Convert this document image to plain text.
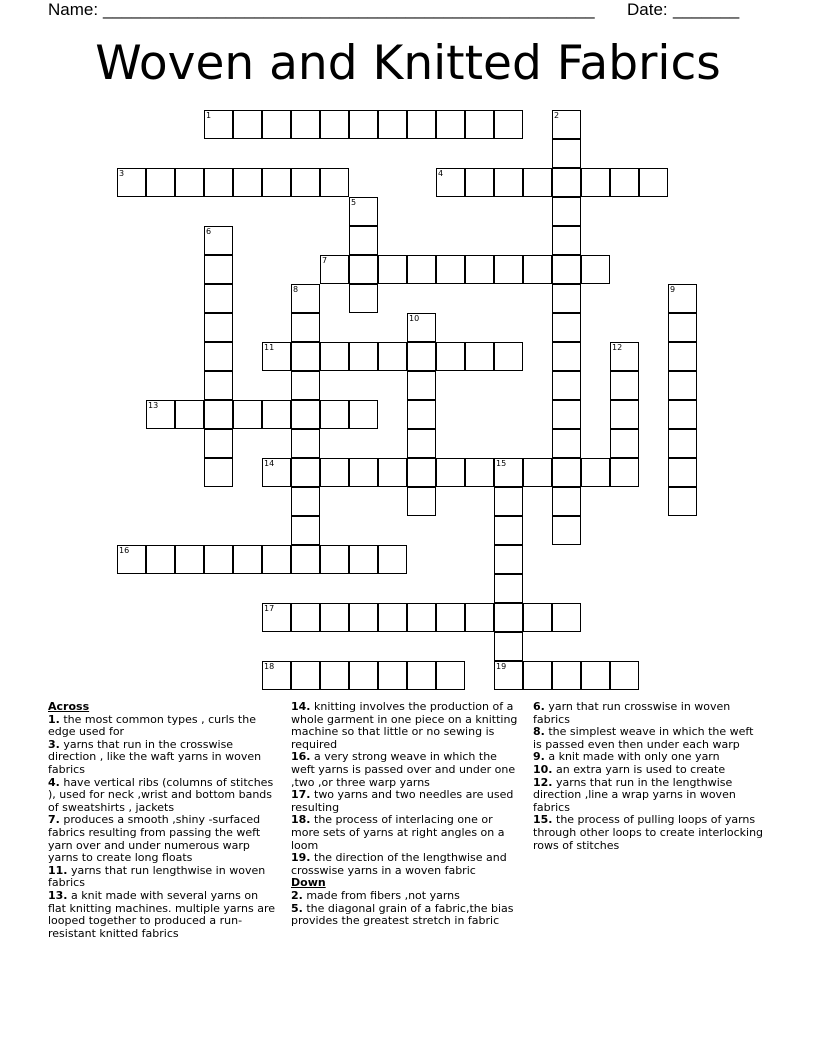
Name: ____________________________________________________ Date: _______
Woven and Knitted Fabrics
1	2
3	4
5
6
7
8	9
10
11	12
13
14	15
16
17
18	19

Across

1. the most common types , curls the edge used for

3. yarns that run in the crosswise direction , like the waft yarns in woven fabrics

4. have vertical ribs (columns of stitches ), used for neck ,wrist and bottom bands of sweatshirts , jackets

7. produces a smooth ,shiny -surfaced fabrics resulting from passing the weft yarn over and under numerous warp yarns to create long floats

11. yarns that run lengthwise in woven fabrics

13. a knit made with several yarns on flat knitting machines. multiple yarns are looped together to produced a run-resistant knitted fabrics

14. knitting involves the production of a whole garment in one piece on a knitting machine so that little or no sewing is required

16. a very strong weave in which the weft yarns is passed over and under one ,two ,or three warp yarns

17. two yarns and two needles are used resulting

18. the process of interlacing one or more sets of yarns at right angles on a loom

19. the direction of the lengthwise and crosswise yarns in a woven fabric

Down

2. made from fibers ,not yarns

5. the diagonal grain of a fabric,the bias provides the greatest stretch in fabric

6. yarn that run crosswise in woven fabrics

8. the simplest weave in which the weft is passed even then under each warp

9. a knit made with only one yarn

10. an extra yarn is used to create

12. yarns that run in the lengthwise direction ,line a wrap yarns in woven fabrics

15. the process of pulling loops of yarns through other loops to create interlocking rows of stitches
